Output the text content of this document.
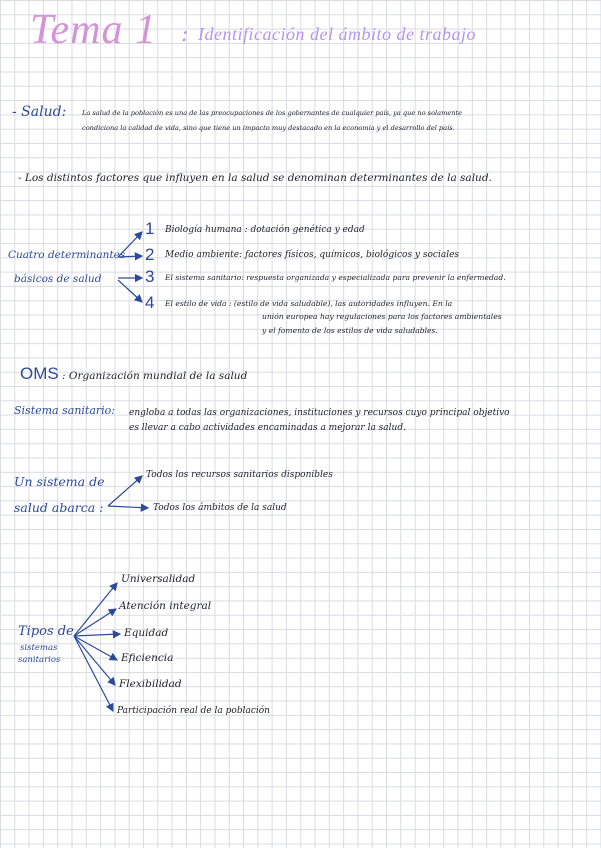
Tema 1 : Identificación del ámbito de trabajo
- Salud: La salud de la población es una de las preocupaciones de los gobernantes de cualquier país, ya que no solamente
condiciona la calidad de vida, sino que tiene un impacto muy destacado en la economía y el desarrollo del país.
- Los distintos factores que influyen en la salud se denominan determinantes de la salud.
Cuatro determinantes
básicos de salud
1 Biología humana : dotación genética y edad
2 Medio ambiente: factores físicos, químicos, biológicos y sociales
3 El sistema sanitario: respuesta organizada y especializada para prevenir la enfermedad.
4 El estilo de vida : (estilo de vida saludable), las autoridades influyen. En la
unión europea hay regulaciones para los factores ambientales
y el fomento de los estilos de vida saludables.
OMS : Organización mundial de la salud
Sistema sanitario: engloba a todas las organizaciones, instituciones y recursos cuyo principal objetivo
es llevar a cabo actividades encaminadas a mejorar la salud.
Un sistema de
salud abarca :
Todos los recursos sanitarios disponibles
Todos los ámbitos de la salud
Tipos de
sistemas
sanitarios
Universalidad
Atención integral
Equidad
Eficiencia
Flexibilidad
Participación real de la población
